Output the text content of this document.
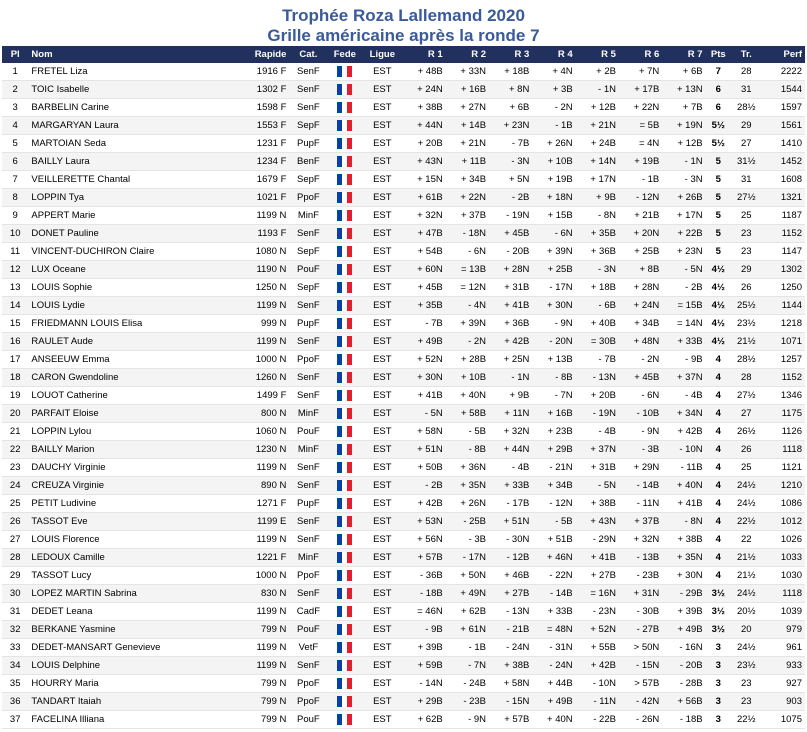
Trophée Roza Lallemand 2020
Grille américaine après la ronde 7
Pl	Nom	Rapide	Cat.	Fede	Ligue	R 1	R 2	R 3	R 4	R 5	R 6	R 7	Pts	Tr.	Perf
1	FRETEL Liza	1916 F	SenF		EST	+ 48B	+ 33N	+ 18B	+ 4N	+ 2B	+ 7N	+ 6B	7	28	2222
2	TOIC Isabelle	1302 F	SenF		EST	+ 24N	+ 16B	+ 8N	+ 3B	- 1N	+ 17B	+ 13N	6	31	1544
3	BARBELIN Carine	1598 F	SenF		EST	+ 38B	+ 27N	+ 6B	- 2N	+ 12B	+ 22N	+ 7B	6	28½	1597
4	MARGARYAN Laura	1553 F	SepF		EST	+ 44N	+ 14B	+ 23N	- 1B	+ 21N	= 5B	+ 19N	5½	29	1561
5	MARTOIAN Seda	1231 F	PupF		EST	+ 20B	+ 21N	- 7B	+ 26N	+ 24B	= 4N	+ 12B	5½	27	1410
6	BAILLY Laura	1234 F	BenF		EST	+ 43N	+ 11B	- 3N	+ 10B	+ 14N	+ 19B	- 1N	5	31½	1452
7	VEILLERETTE Chantal	1679 F	SepF		EST	+ 15N	+ 34B	+ 5N	+ 19B	+ 17N	- 1B	- 3N	5	31	1608
8	LOPPIN Tya	1021 F	PpoF		EST	+ 61B	+ 22N	- 2B	+ 18N	+ 9B	- 12N	+ 26B	5	27½	1321
9	APPERT Marie	1199 N	MinF		EST	+ 32N	+ 37B	- 19N	+ 15B	- 8N	+ 21B	+ 17N	5	25	1187
10	DONET Pauline	1193 F	SenF		EST	+ 47B	- 18N	+ 45B	- 6N	+ 35B	+ 20N	+ 22B	5	23	1152
11	VINCENT-DUCHIRON Claire	1080 N	SepF		EST	+ 54B	- 6N	- 20B	+ 39N	+ 36B	+ 25B	+ 23N	5	23	1147
12	LUX Oceane	1190 N	PouF		EST	+ 60N	= 13B	+ 28N	+ 25B	- 3N	+ 8B	- 5N	4½	29	1302
13	LOUIS Sophie	1250 N	SepF		EST	+ 45B	= 12N	+ 31B	- 17N	+ 18B	+ 28N	- 2B	4½	26	1250
14	LOUIS Lydie	1199 N	SenF		EST	+ 35B	- 4N	+ 41B	+ 30N	- 6B	+ 24N	= 15B	4½	25½	1144
15	FRIEDMANN LOUIS Elisa	999 N	PupF		EST	- 7B	+ 39N	+ 36B	- 9N	+ 40B	+ 34B	= 14N	4½	23½	1218
16	RAULET Aude	1199 N	SenF		EST	+ 49B	- 2N	+ 42B	- 20N	= 30B	+ 48N	+ 33B	4½	21½	1071
17	ANSEEUW Emma	1000 N	PpoF		EST	+ 52N	+ 28B	+ 25N	+ 13B	- 7B	- 2N	- 9B	4	28½	1257
18	CARON Gwendoline	1260 N	SenF		EST	+ 30N	+ 10B	- 1N	- 8B	- 13N	+ 45B	+ 37N	4	28	1152
19	LOUOT Catherine	1499 F	SenF		EST	+ 41B	+ 40N	+ 9B	- 7N	+ 20B	- 6N	- 4B	4	27½	1346
20	PARFAIT Eloise	800 N	MinF		EST	- 5N	+ 58B	+ 11N	+ 16B	- 19N	- 10B	+ 34N	4	27	1175
21	LOPPIN Lylou	1060 N	PouF		EST	+ 58N	- 5B	+ 32N	+ 23B	- 4B	- 9N	+ 42B	4	26½	1126
22	BAILLY Marion	1230 N	MinF		EST	+ 51N	- 8B	+ 44N	+ 29B	+ 37N	- 3B	- 10N	4	26	1118
23	DAUCHY Virginie	1199 N	SenF		EST	+ 50B	+ 36N	- 4B	- 21N	+ 31B	+ 29N	- 11B	4	25	1121
24	CREUZA Virginie	890 N	SenF		EST	- 2B	+ 35N	+ 33B	+ 34B	- 5N	- 14B	+ 40N	4	24½	1210
25	PETIT Ludivine	1271 F	PupF		EST	+ 42B	+ 26N	- 17B	- 12N	+ 38B	- 11N	+ 41B	4	24½	1086
26	TASSOT Eve	1199 E	SenF		EST	+ 53N	- 25B	+ 51N	- 5B	+ 43N	+ 37B	- 8N	4	22½	1012
27	LOUIS Florence	1199 N	SenF		EST	+ 56N	- 3B	- 30N	+ 51B	- 29N	+ 32N	+ 38B	4	22	1026
28	LEDOUX Camille	1221 F	MinF		EST	+ 57B	- 17N	- 12B	+ 46N	+ 41B	- 13B	+ 35N	4	21½	1033
29	TASSOT Lucy	1000 N	PpoF		EST	- 36B	+ 50N	+ 46B	- 22N	+ 27B	- 23B	+ 30N	4	21½	1030
30	LOPEZ MARTIN Sabrina	830 N	SenF		EST	- 18B	+ 49N	+ 27B	- 14B	= 16N	+ 31N	- 29B	3½	24½	1118
31	DEDET Leana	1199 N	CadF		EST	= 46N	+ 62B	- 13N	+ 33B	- 23N	- 30B	+ 39B	3½	20½	1039
32	BERKANE Yasmine	799 N	PouF		EST	- 9B	+ 61N	- 21B	= 48N	+ 52N	- 27B	+ 49B	3½	20	979
33	DEDET-MANSART Genevieve	1199 N	VetF		EST	+ 39B	- 1B	- 24N	- 31N	+ 55B	> 50N	- 16N	3	24½	961
34	LOUIS Delphine	1199 N	SenF		EST	+ 59B	- 7N	+ 38B	- 24N	+ 42B	- 15N	- 20B	3	23½	933
35	HOURRY Maria	799 N	PpoF		EST	- 14N	- 24B	+ 58N	+ 44B	- 10N	> 57B	- 28B	3	23	927
36	TANDART Itaiah	799 N	PpoF		EST	+ 29B	- 23B	- 15N	+ 49B	- 11N	- 42N	+ 56B	3	23	903
37	FACELINA Illiana	799 N	PouF		EST	+ 62B	- 9N	+ 57B	+ 40N	- 22B	- 26N	- 18B	3	22½	1075
